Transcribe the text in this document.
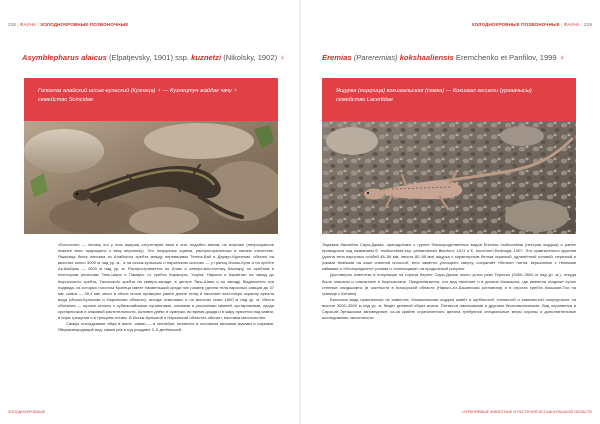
218 | ФАУНА | ХОЛОДНОКРОВНЫЕ ПОЗВОНОЧНЫЕ
Asymblepharus alaicus (Elpatjevsky, 1901) ssp. kuznetzi (Nikolsky, 1902) ♀

Гологлаз алайский иссык-кульский (Кузнеца) ♀ — Кузнецтун жайдак чачу ♀

семейство Scincidae

«Бологлаз» — потому что у этих ящериц отсутствуют веки и они, подобно змеям, не моргают (непрозрачное нижнее веко приращено к веку верхнему). Это некрупные сцинки, распространенные в нашем отечестве. Ящерица была описана из Алайского хребта между перевалами Тенгиз-Бай и Дараут-Курганом; обычно на высотах около 3000 м над ур. м., а на иссык-кульском и нарынском склонах — у границ Иссык-Куля и на хребте Ак-Шыйрак — 4000 м над ур. м. Распространяется по Алаю и северо-восточному Кашгару, по хребтам и некоторым регионам Тянь-Шаня и Памира: от хребта Каракоры, Ушуна, Нарына и Караптан на запад до Кыргызского хребта, Таласского хребта на северо-западе, в центре Тянь-Шаня и по западу. Выделяется три подвида, из которых гологлаз Кузнеца имеет наименьший среди них размер (длина тела взрослых самцов до 47 мм, самок — 49,4 мм; хвост в обоих полов примерно равен длине тела) и населяет восточную окраину ареала вида (Иссык-Кульская и Нарынская области), иногда отмечаясь и на высотах ниже 1800 м над ур. м. Места обитания — горные склоны с субальпийскими луговинами, осыпями и россыпями камней, кустарниками, среди кустарничков и злаковой растительности. Активен днём; в сумерки, во время дождя и в жару прячется под камни, в норы грызунов и в трещины почвы. В Иссык-Кульской и Нарынской областях обычен, местами многочислен.

Самцы откладывают яйца в июле, самки — в сентябре; питаются в основном мелкими жуками и пауками. Яйцеживородящий вид; самки раз в год рождают 2–5 детёнышей.

ХОЛОДНОКРОВНЫЕ
ХОЛОДНОКРОВНЫЕ ПОЗВОНОЧНЫЕ | ФАУНА | 219
Eremias (Pareremias) kokshaaliensis Eremchenko et Panfilov, 1999 ♀

Ящурка (ящерица) кокшаальская (самка) — Кокшаал кесиеги (ургаачысы)

семейство Lacertidae

Эндемик бассейна Сары-Джаза, принадлежит к группе близкородственных видов Eremias multiocellata (пестрая ящурка) и ранее приводился под названием E. multiocellata ssp. yarkandensis Blanford, 1874 и E. buechneri Bedriaga, 1907. Это сравнительно крупная (длина тела взрослых особей 48–56 мм, хвоста 80–95 мм) ящурка с характерным белым окраской, удлинённой головой, нерезкой и узкими тёмными на коже спинной полосой; тело заметно уплощено сверху, сохраняет «белые» пятна, вершинные с тёмными каймами и «беспорядочно» рогами и «ключицами» на продольный рисунок.

Достоверно известны в популяции на горном береге Сары-Джаза около устья реки Теректы (3400–3500 м над ур. м.), откуда были описаны и описанные в Кыргызстане. Предполагается, что вид населяет и в долине Кокшаала, где имеются сходные сухие степные ландшафты (в частности в Кочкорской области (Нарын–Ат-Башинская котловина) и в отрогах хребта Кокшаал-Тоо на границе с Китаем).

Биология вида практически не известна. Кокшаальская ящурка живёт в щебнистой, глинистой и каменистой полупустыне на высоте 3000–3500 м над ур. м. Ведёт дневной образ жизни. Питается насекомыми и другими беспозвоночными. Вид охраняется в Сарычат-Эрташском заповеднике; из-за крайне ограниченного ареала требуются специальные меры охраны и дополнительные исследования численности.

ОХРАНЯЕМЫЕ ЖИВОТНЫЕ И РАСТЕНИЯ ИССЫК-КУЛЬСКОЙ ОБЛАСТИ
